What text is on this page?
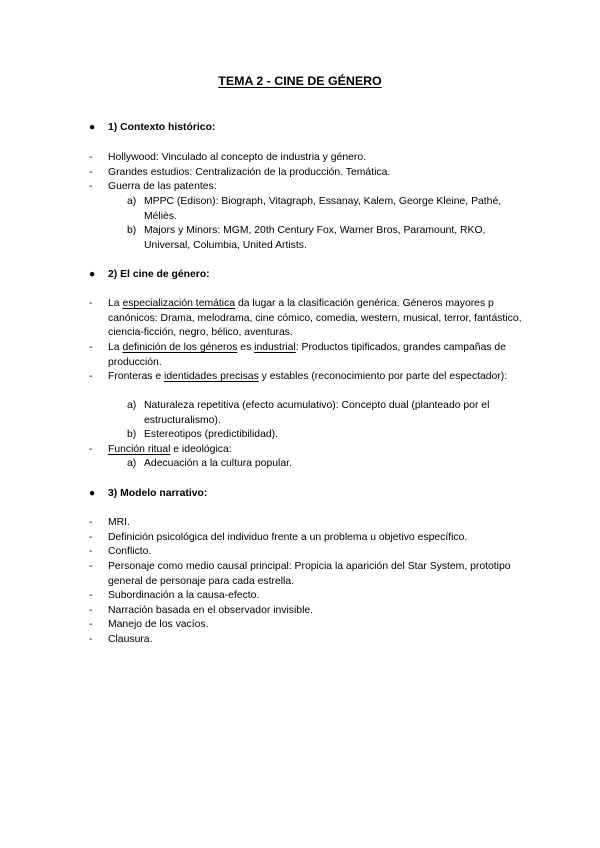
TEMA 2 - CINE DE GÉNERO
●	1) Contexto histórico:
- Hollywood: Vinculado al concepto de industria y género.
- Grandes estudios: Centralización de la producción. Temática.
- Guerra de las patentes:
a) MPPC (Edison): Biograph, Vitagraph, Essanay, Kalem, George Kleine, Pathé, Méliès.
b) Majors y Minors: MGM, 20th Century Fox, Warner Bros, Paramount, RKO, Universal, Columbia, United Artists.
●	2) El cine de género:
- La especialización temática da lugar a la clasificación genérica. Géneros mayores p canónicos: Drama, melodrama, cine cómico, comedia, western, musical, terror, fantástico, ciencia-ficción, negro, bélico, aventuras.
- La definición de los géneros es industrial: Productos tipificados, grandes campañas de producción.
- Fronteras e identidades precisas y estables (reconocimiento por parte del espectador):
a) Naturaleza repetitiva (efecto acumulativo): Concepto dual (planteado por el estructuralismo).
b) Estereotipos (predictibilidad).
- Función ritual e ideológica:
a) Adecuación a la cultura popular.
●	3) Modelo narrativo:
- MRI.
- Definición psicológica del individuo frente a un problema u objetivo específico.
- Conflicto.
- Personaje como medio causal principal: Propicia la aparición del Star System, prototipo general de personaje para cada estrella.
- Subordinación a la causa-efecto.
- Narración basada en el observador invisible.
- Manejo de los vacíos.
- Clausura.
